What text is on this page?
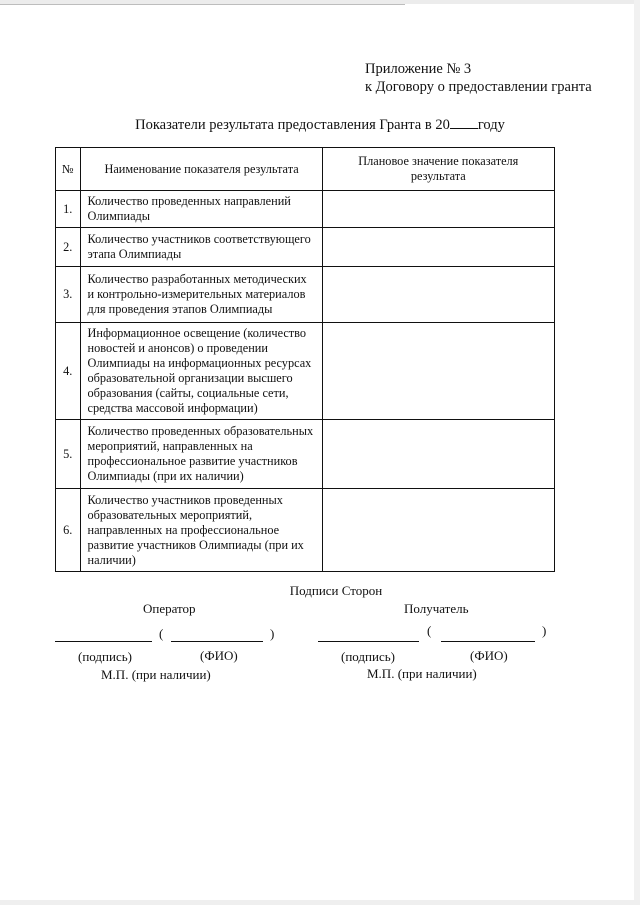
Приложение № 3
к Договору о предоставлении гранта
Показатели результата предоставления Гранта в 20 году
№	Наименование показателя результата	Плановое значение показателя результата
1.	Количество проведенных направлений Олимпиады	
2.	Количество участников соответствующего этапа Олимпиады	
3.	Количество разработанных методических и контрольно-измерительных материалов для проведения этапов Олимпиады	
4.	Информационное освещение (количество новостей и анонсов) о проведении Олимпиады на информационных ресурсах образовательной организации высшего образования (сайты, социальные сети, средства массовой информации)	
5.	Количество проведенных образовательных мероприятий, направленных на профессиональное развитие участников Олимпиады (при их наличии)	
6.	Количество участников проведенных образовательных мероприятий, направленных на профессиональное развитие участников Олимпиады (при их наличии)	
Подписи Сторон
Оператор
(	)
(подпись)	(ФИО)
М.П. (при наличии)
Получатель
(	)
(подпись)	(ФИО)
М.П. (при наличии)
